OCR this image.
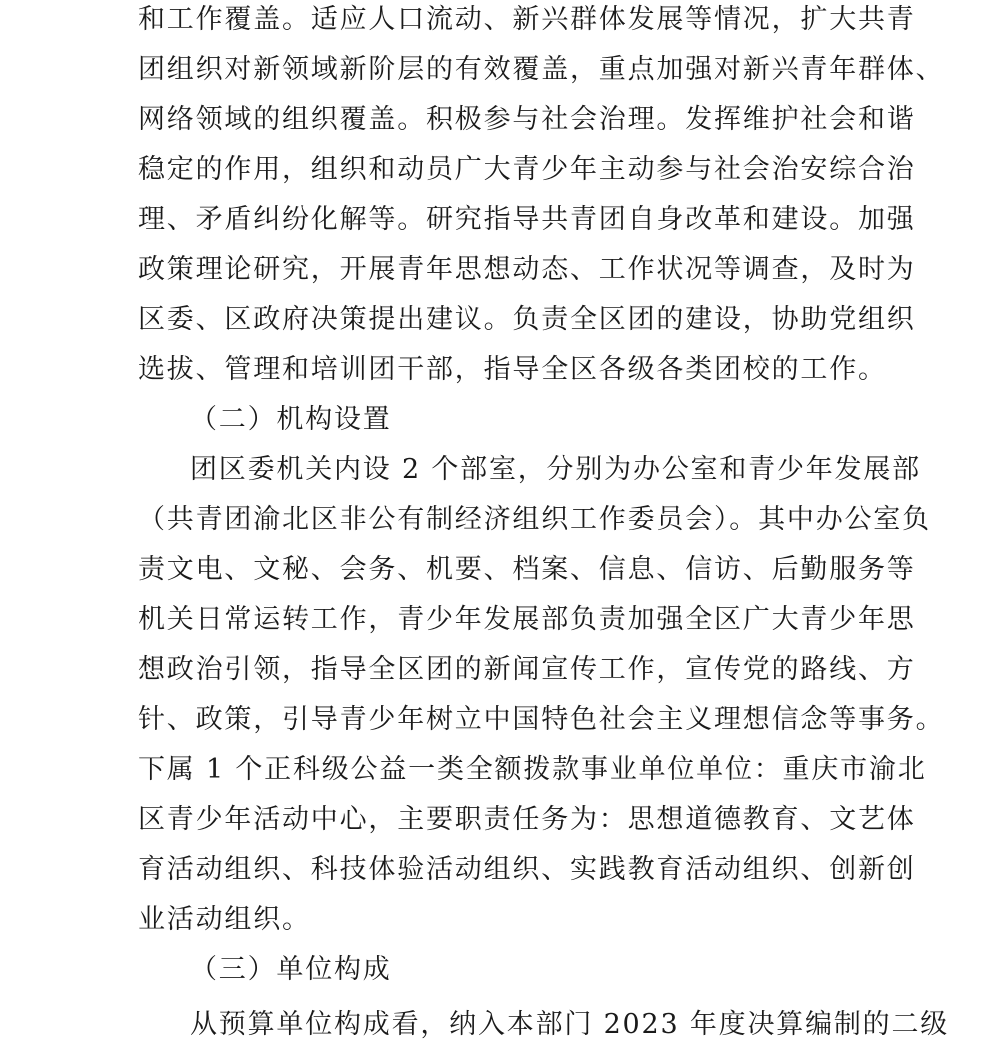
和工作覆盖。适应人口流动、新兴群体发展等情况，扩大共青
团组织对新领域新阶层的有效覆盖，重点加强对新兴青年群体、
网络领域的组织覆盖。积极参与社会治理。发挥维护社会和谐
稳定的作用，组织和动员广大青少年主动参与社会治安综合治
理、矛盾纠纷化解等。研究指导共青团自身改革和建设。加强
政策理论研究，开展青年思想动态、工作状况等调查，及时为
区委、区政府决策提出建议。负责全区团的建设，协助党组织
选拔、管理和培训团干部，指导全区各级各类团校的工作。
（二）机构设置
团区委机关内设 2 个部室，分别为办公室和青少年发展部
（共青团渝北区非公有制经济组织工作委员会）。其中办公室负
责文电、文秘、会务、机要、档案、信息、信访、后勤服务等
机关日常运转工作，青少年发展部负责加强全区广大青少年思
想政治引领，指导全区团的新闻宣传工作，宣传党的路线、方
针、政策，引导青少年树立中国特色社会主义理想信念等事务。
下属 1 个正科级公益一类全额拨款事业单位单位：重庆市渝北
区青少年活动中心，主要职责任务为：思想道德教育、文艺体
育活动组织、科技体验活动组织、实践教育活动组织、创新创
业活动组织。
（三）单位构成
从预算单位构成看，纳入本部门 2023 年度决算编制的二级
